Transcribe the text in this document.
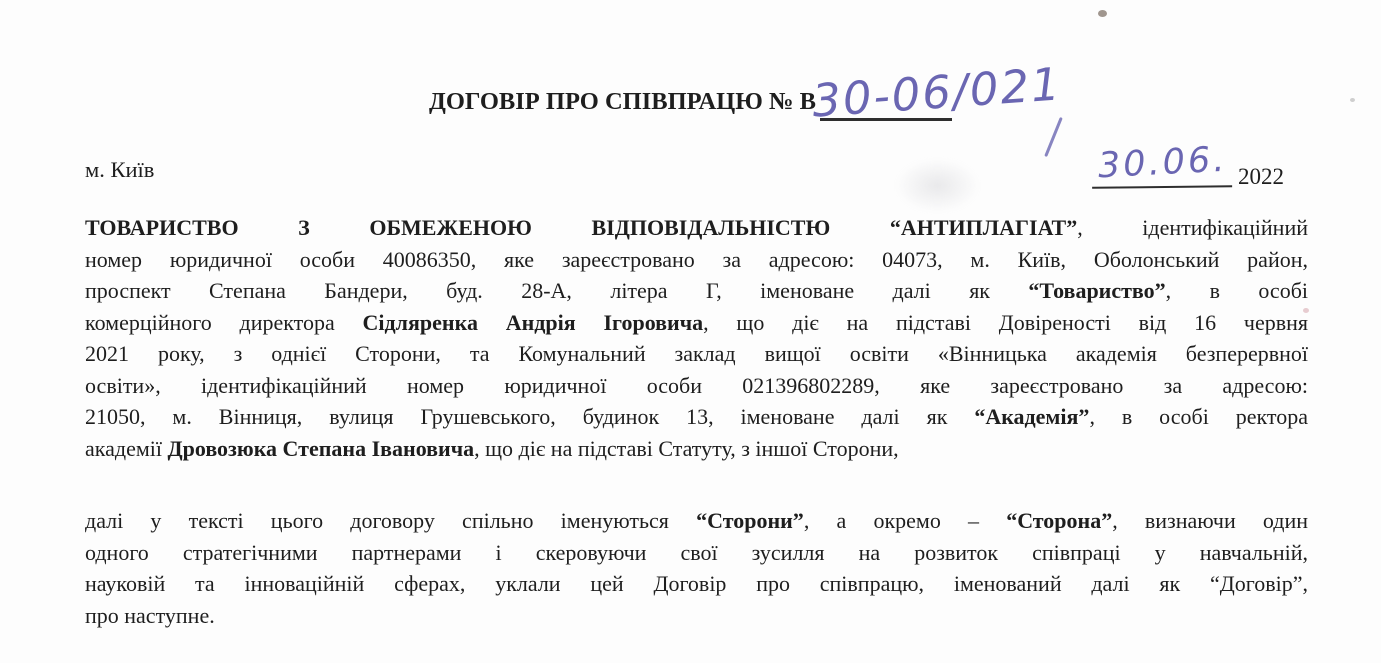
ДОГОВІР ПРО СПІВПРАЦЮ № В
30-06/021
м. Київ	30.06. 2022
ТОВАРИСТВО З ОБМЕЖЕНОЮ ВІДПОВІДАЛЬНІСТЮ “АНТИПЛАГІАТ”, ідентифікаційний
номер юридичної особи 40086350, яке зареєстровано за адресою: 04073, м. Київ, Оболонський район,
проспект Степана Бандери, буд. 28-А, літера Г, іменоване далі як “Товариство”, в особі
комерційного директора Сідляренка Андрія Ігоровича, що діє на підставі Довіреності від 16 червня
2021 року, з однієї Сторони, та Комунальний заклад вищої освіти «Вінницька академія безперервної
освіти», ідентифікаційний номер юридичної особи 021396802289, яке зареєстровано за адресою:
21050, м. Вінниця, вулиця Грушевського, будинок 13, іменоване далі як “Академія”, в особі ректора
академії Дровозюка Степана Івановича, що діє на підставі Статуту, з іншої Сторони,
далі у тексті цього договору спільно іменуються “Сторони”, а окремо – “Сторона”, визнаючи один
одного стратегічними партнерами і скеровуючи свої зусилля на розвиток співпраці у навчальній,
науковій та інноваційній сферах, уклали цей Договір про співпрацю, іменований далі як “Договір”,
про наступне.
